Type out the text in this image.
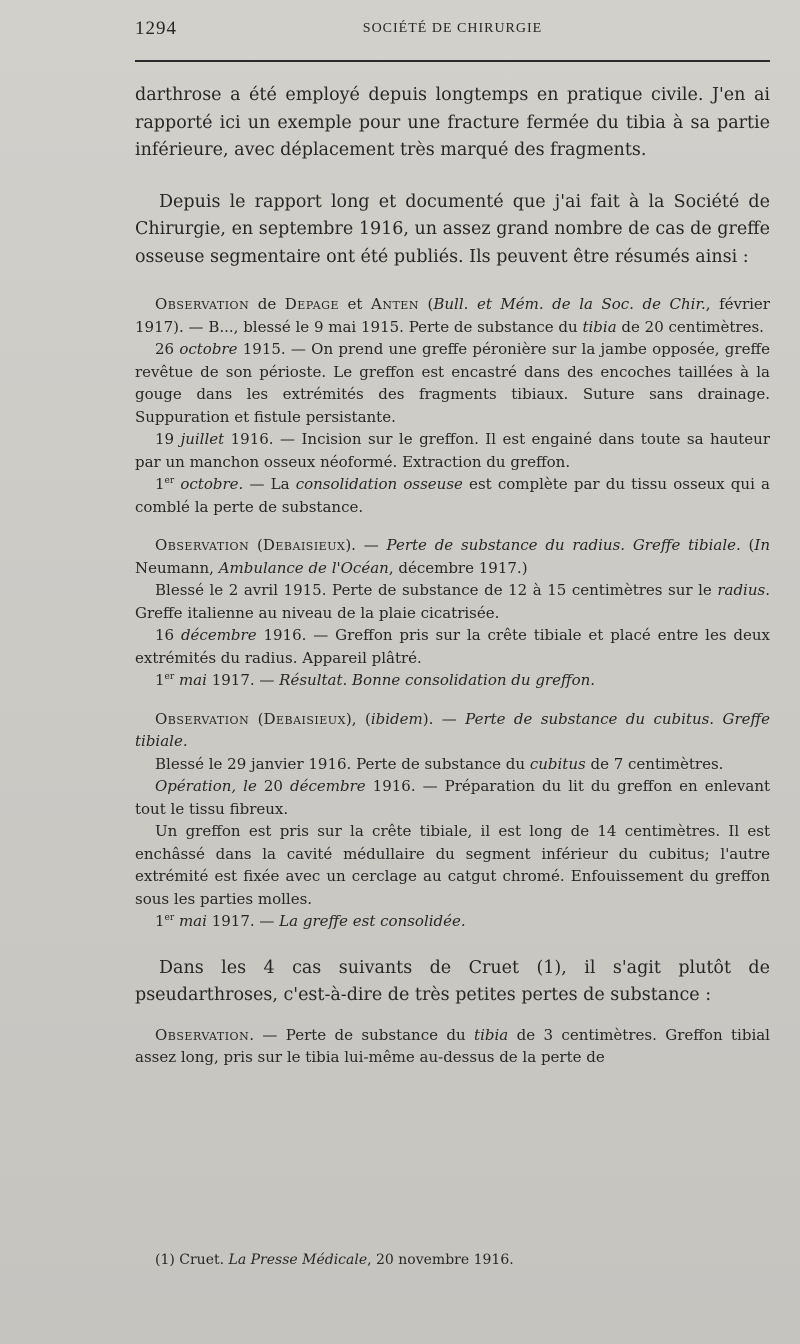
1294	SOCIÉTÉ DE CHIRURGIE

darthrose a été employé depuis longtemps en pratique civile. J'en ai rapporté ici un exemple pour une fracture fermée du tibia à sa partie inférieure, avec déplacement très marqué des fragments.

Depuis le rapport long et documenté que j'ai fait à la Société de Chirurgie, en septembre 1916, un assez grand nombre de cas de greffe osseuse segmentaire ont été publiés. Ils peuvent être résumés ainsi :

Observation de Depage et Anten (Bull. et Mém. de la Soc. de Chir., février 1917). — B..., blessé le 9 mai 1915. Perte de substance du tibia de 20 centimètres.

26 octobre 1915. — On prend une greffe péronière sur la jambe opposée, greffe revêtue de son périoste. Le greffon est encastré dans des encoches taillées à la gouge dans les extrémités des fragments tibiaux. Suture sans drainage. Suppuration et fistule persistante.

19 juillet 1916. — Incision sur le greffon. Il est engainé dans toute sa hauteur par un manchon osseux néoformé. Extraction du greffon.

1er octobre. — La consolidation osseuse est complète par du tissu osseux qui a comblé la perte de substance.

Observation (Debaisieux). — Perte de substance du radius. Greffe tibiale. (In Neumann, Ambulance de l'Océan, décembre 1917.)

Blessé le 2 avril 1915. Perte de substance de 12 à 15 centimètres sur le radius. Greffe italienne au niveau de la plaie cicatrisée.

16 décembre 1916. — Greffon pris sur la crête tibiale et placé entre les deux extrémités du radius. Appareil plâtré.

1er mai 1917. — Résultat. Bonne consolidation du greffon.

Observation (Debaisieux), (ibidem). — Perte de substance du cubitus. Greffe tibiale.

Blessé le 29 janvier 1916. Perte de substance du cubitus de 7 centimètres.

Opération, le 20 décembre 1916. — Préparation du lit du greffon en enlevant tout le tissu fibreux.

Un greffon est pris sur la crête tibiale, il est long de 14 centimètres. Il est enchâssé dans la cavité médullaire du segment inférieur du cubitus; l'autre extrémité est fixée avec un cerclage au catgut chromé. Enfouissement du greffon sous les parties molles.

1er mai 1917. — La greffe est consolidée.

Dans les 4 cas suivants de Cruet (1), il s'agit plutôt de pseudarthroses, c'est-à-dire de très petites pertes de substance :

Observation. — Perte de substance du tibia de 3 centimètres. Greffon tibial assez long, pris sur le tibia lui-même au-dessus de la perte de

(1) Cruet. La Presse Médicale, 20 novembre 1916.
